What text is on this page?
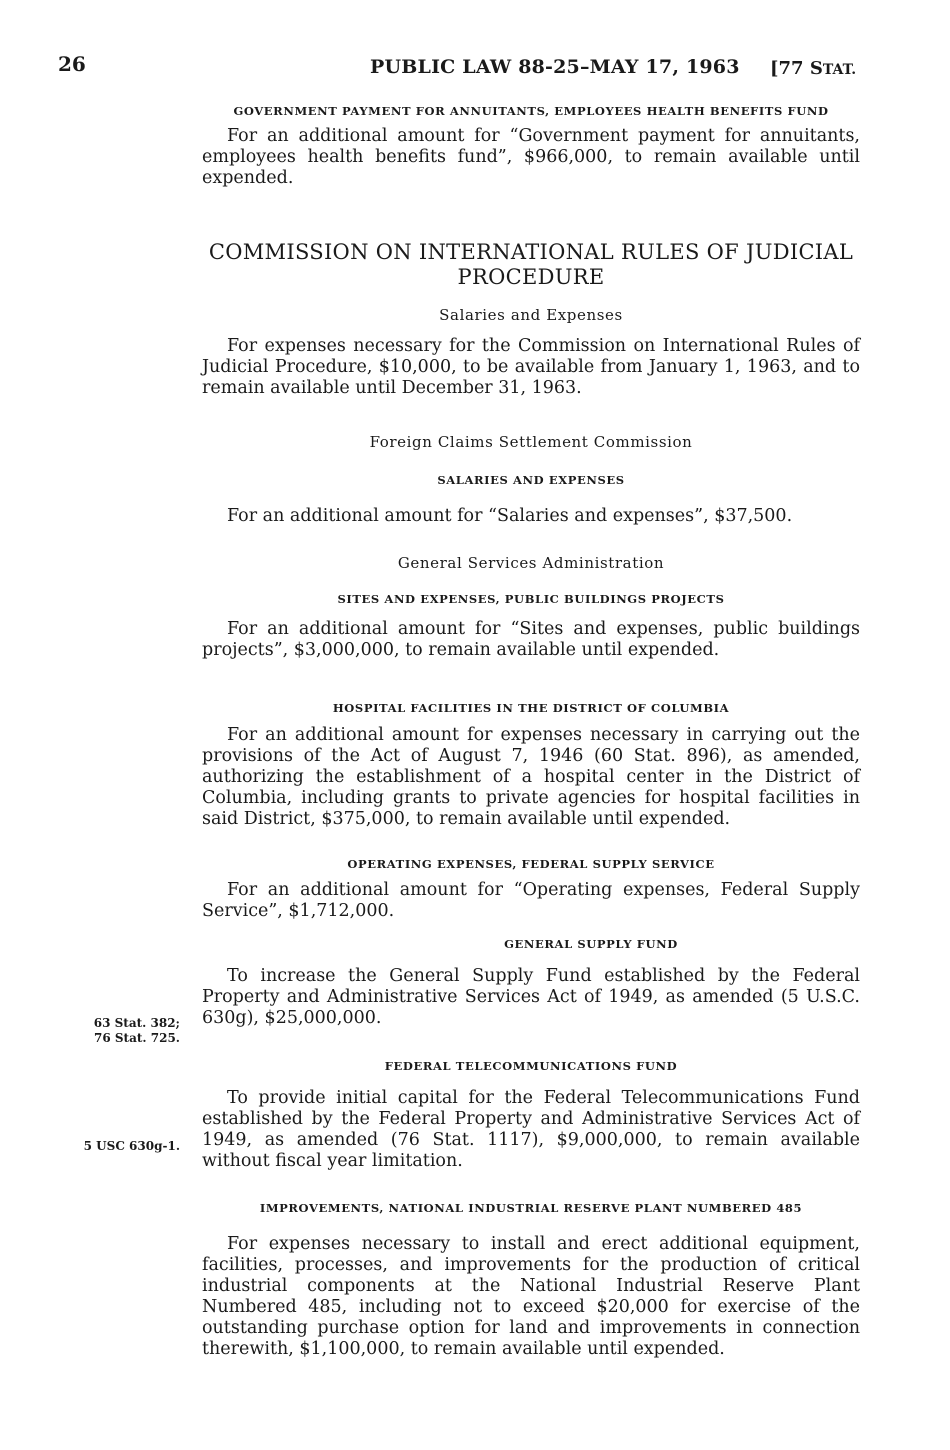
26	PUBLIC LAW 88-25–MAY 17, 1963 [77 STAT.
GOVERNMENT PAYMENT FOR ANNUITANTS, EMPLOYEES HEALTH BENEFITS FUND

For an additional amount for “Government payment for annuitants, employees health benefits fund”, $966,000, to remain available until expended.

COMMISSION ON INTERNATIONAL RULES OF JUDICIAL PROCEDURE
Salaries and Expenses

For expenses necessary for the Commission on International Rules of Judicial Procedure, $10,000, to be available from January 1, 1963, and to remain available until December 31, 1963.

Foreign Claims Settlement Commission
SALARIES AND EXPENSES

For an additional amount for “Salaries and expenses”, $37,500.

General Services Administration
SITES AND EXPENSES, PUBLIC BUILDINGS PROJECTS

For an additional amount for “Sites and expenses, public buildings projects”, $3,000,000, to remain available until expended.

HOSPITAL FACILITIES IN THE DISTRICT OF COLUMBIA

For an additional amount for expenses necessary in carrying out the provisions of the Act of August 7, 1946 (60 Stat. 896), as amended, authorizing the establishment of a hospital center in the District of Columbia, including grants to private agencies for hospital facilities in said District, $375,000, to remain available until expended.

OPERATING EXPENSES, FEDERAL SUPPLY SERVICE

For an additional amount for “Operating expenses, Federal Supply Service”, $1,712,000.

GENERAL SUPPLY FUND

To increase the General Supply Fund established by the Federal Property and Administrative Services Act of 1949, as amended (5 U.S.C. 630g), $25,000,000.

63 Stat. 382;
76 Stat. 725.
FEDERAL TELECOMMUNICATIONS FUND

To provide initial capital for the Federal Telecommunications Fund established by the Federal Property and Administrative Services Act of 1949, as amended (76 Stat. 1117), $9,000,000, to remain available without fiscal year limitation.

5 USC 630g-1.
IMPROVEMENTS, NATIONAL INDUSTRIAL RESERVE PLANT NUMBERED 485

For expenses necessary to install and erect additional equipment, facilities, processes, and improvements for the production of critical industrial components at the National Industrial Reserve Plant Numbered 485, including not to exceed $20,000 for exercise of the outstanding purchase option for land and improvements in connection therewith, $1,100,000, to remain available until expended.
